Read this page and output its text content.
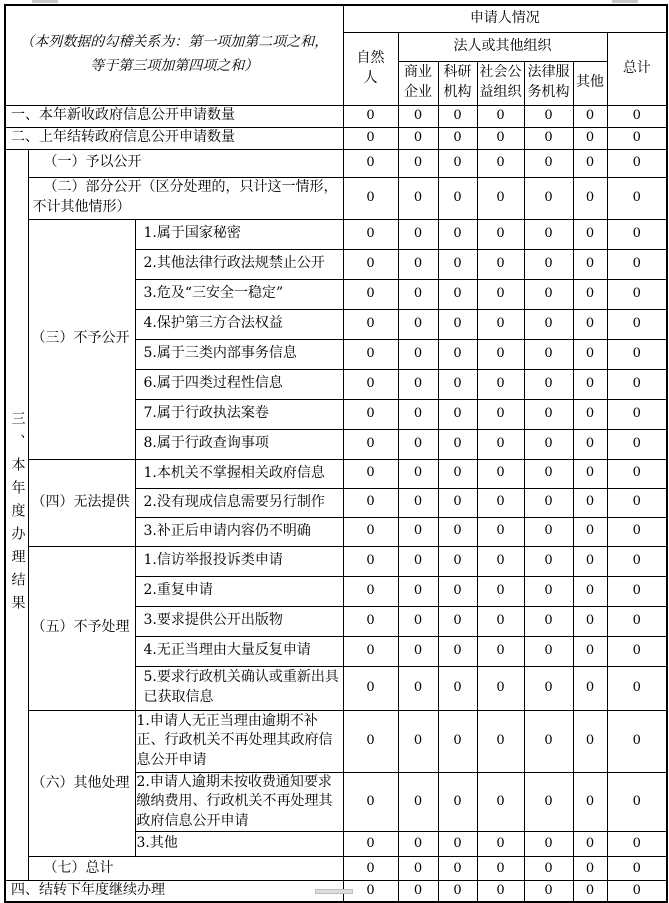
（本列数据的勾稽关系为：第一项加第二项之和，
等于第三项加第四项之和）			申请人情况						
			自然人	法人或其他组织					总计
				商业企业	科研机构	社会公益组织	法律服务机构	其他	
一、本年新收政府信息公开申请数量			0	0	0	0	0	0	0
二、上年结转政府信息公开申请数量			0	0	0	0	0	0	0
三、本年度办理结果	（一）予以公开		0	0	0	0	0	0	0
	（二）部分公开（区分处理的，只计这一情形，不计其他情形）		0	0	0	0	0	0	0
	（三）不予公开	1.属于国家秘密	0	0	0	0	0	0	0
		2.其他法律行政法规禁止公开	0	0	0	0	0	0	0
		3.危及“三安全一稳定”	0	0	0	0	0	0	0
		4.保护第三方合法权益	0	0	0	0	0	0	0
		5.属于三类内部事务信息	0	0	0	0	0	0	0
		6.属于四类过程性信息	0	0	0	0	0	0	0
		7.属于行政执法案卷	0	0	0	0	0	0	0
		8.属于行政查询事项	0	0	0	0	0	0	0
	（四）无法提供	1.本机关不掌握相关政府信息	0	0	0	0	0	0	0
		2.没有现成信息需要另行制作	0	0	0	0	0	0	0
		3.补正后申请内容仍不明确	0	0	0	0	0	0	0
	（五）不予处理	1.信访举报投诉类申请	0	0	0	0	0	0	0
		2.重复申请	0	0	0	0	0	0	0
		3.要求提供公开出版物	0	0	0	0	0	0	0
		4.无正当理由大量反复申请	0	0	0	0	0	0	0
		5.要求行政机关确认或重新出具已获取信息	0	0	0	0	0	0	0
	（六）其他处理	1.申请人无正当理由逾期不补正、行政机关不再处理其政府信息公开申请	0	0	0	0	0	0	0
		2.申请人逾期未按收费通知要求缴纳费用、行政机关不再处理其政府信息公开申请	0	0	0	0	0	0	0
		3.其他	0	0	0	0	0	0	0
	（七）总计		0	0	0	0	0	0	0
四、结转下年度继续办理			0	0	0	0	0	0	0
